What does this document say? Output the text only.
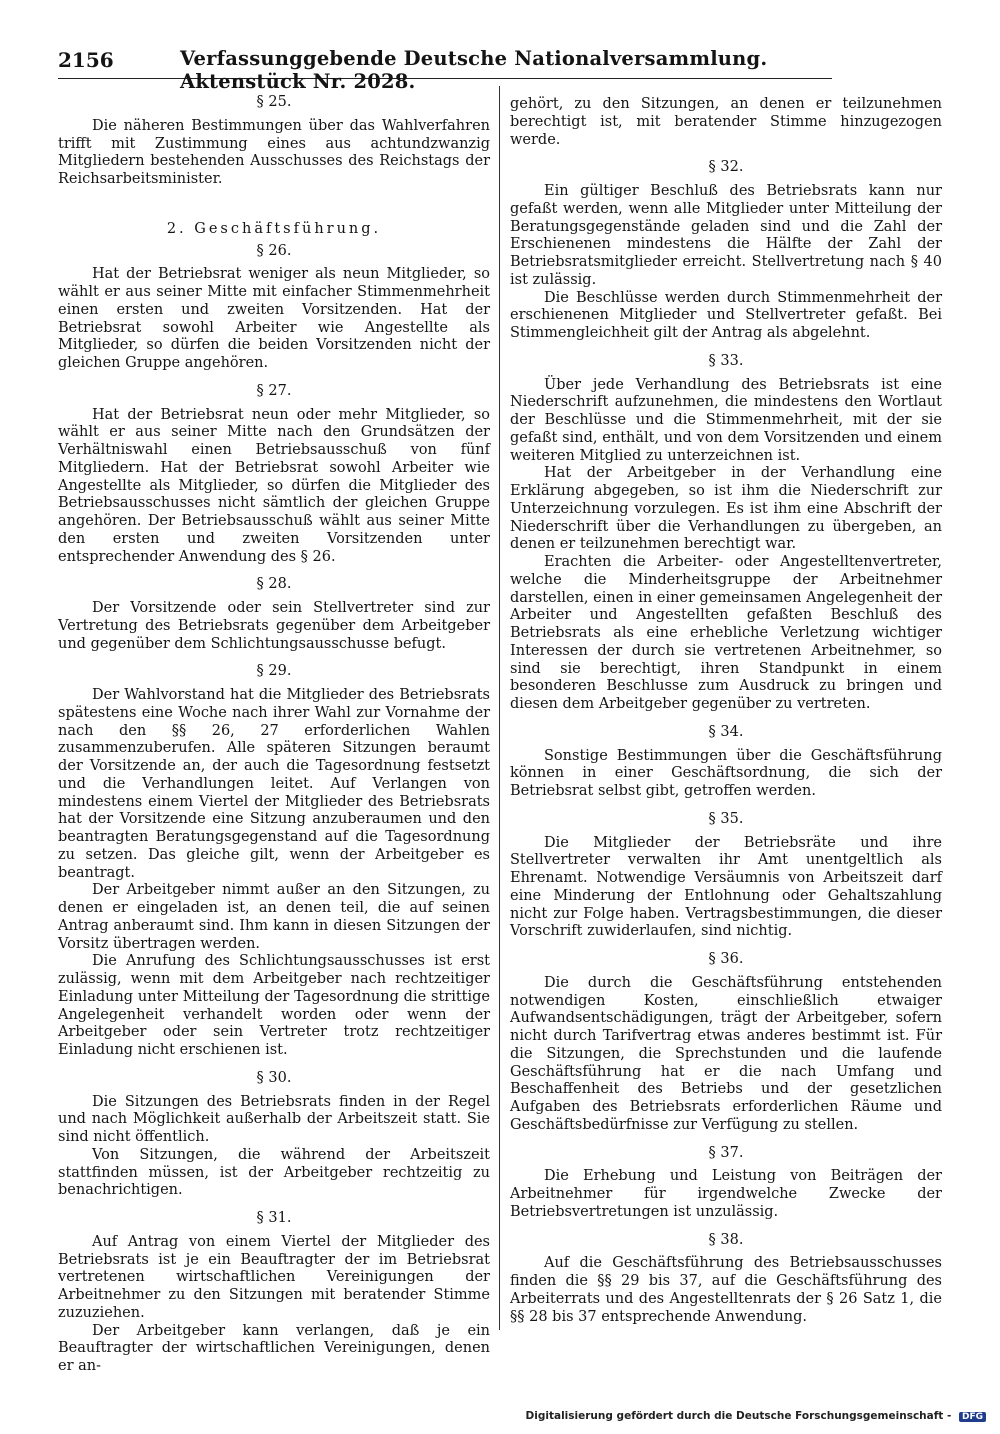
2156	Verfassunggebende Deutsche Nationalversammlung. Aktenstück Nr. 2028.
§ 25.

Die näheren Bestimmungen über das Wahlverfahren trifft mit Zustimmung eines aus achtundzwanzig Mitgliedern bestehenden Ausschusses des Reichstags der Reichsarbeitsminister.

2. Geschäftsführung.
§ 26.

Hat der Betriebsrat weniger als neun Mitglieder, so wählt er aus seiner Mitte mit einfacher Stimmenmehrheit einen ersten und zweiten Vorsitzenden. Hat der Betriebsrat sowohl Arbeiter wie Angestellte als Mitglieder, so dürfen die beiden Vorsitzenden nicht der gleichen Gruppe angehören.

§ 27.

Hat der Betriebsrat neun oder mehr Mitglieder, so wählt er aus seiner Mitte nach den Grundsätzen der Verhältniswahl einen Betriebsausschuß von fünf Mitgliedern. Hat der Betriebsrat sowohl Arbeiter wie Angestellte als Mitglieder, so dürfen die Mitglieder des Betriebsausschusses nicht sämtlich der gleichen Gruppe angehören. Der Betriebsausschuß wählt aus seiner Mitte den ersten und zweiten Vorsitzenden unter entsprechender Anwendung des § 26.

§ 28.

Der Vorsitzende oder sein Stellvertreter sind zur Vertretung des Betriebsrats gegenüber dem Arbeitgeber und gegenüber dem Schlichtungsausschusse befugt.

§ 29.

Der Wahlvorstand hat die Mitglieder des Betriebsrats spätestens eine Woche nach ihrer Wahl zur Vornahme der nach den §§ 26, 27 erforderlichen Wahlen zusammenzuberufen. Alle späteren Sitzungen beraumt der Vorsitzende an, der auch die Tagesordnung festsetzt und die Verhandlungen leitet. Auf Verlangen von mindestens einem Viertel der Mitglieder des Betriebsrats hat der Vorsitzende eine Sitzung anzuberaumen und den beantragten Beratungsgegenstand auf die Tagesordnung zu setzen. Das gleiche gilt, wenn der Arbeitgeber es beantragt.

Der Arbeitgeber nimmt außer an den Sitzungen, zu denen er eingeladen ist, an denen teil, die auf seinen Antrag anberaumt sind. Ihm kann in diesen Sitzungen der Vorsitz übertragen werden.

Die Anrufung des Schlichtungsausschusses ist erst zulässig, wenn mit dem Arbeitgeber nach rechtzeitiger Einladung unter Mitteilung der Tagesordnung die strittige Angelegenheit verhandelt worden oder wenn der Arbeitgeber oder sein Vertreter trotz rechtzeitiger Einladung nicht erschienen ist.

§ 30.

Die Sitzungen des Betriebsrats finden in der Regel und nach Möglichkeit außerhalb der Arbeitszeit statt. Sie sind nicht öffentlich.

Von Sitzungen, die während der Arbeitszeit stattfinden müssen, ist der Arbeitgeber rechtzeitig zu benachrichtigen.

§ 31.

Auf Antrag von einem Viertel der Mitglieder des Betriebsrats ist je ein Beauftragter der im Betriebsrat vertretenen wirtschaftlichen Vereinigungen der Arbeitnehmer zu den Sitzungen mit beratender Stimme zuzuziehen.

Der Arbeitgeber kann verlangen, daß je ein Beauftragter der wirtschaftlichen Vereinigungen, denen er an-

gehört, zu den Sitzungen, an denen er teilzunehmen berechtigt ist, mit beratender Stimme hinzugezogen werde.

§ 32.

Ein gültiger Beschluß des Betriebsrats kann nur gefaßt werden, wenn alle Mitglieder unter Mitteilung der Beratungsgegenstände geladen sind und die Zahl der Erschienenen mindestens die Hälfte der Zahl der Betriebsratsmitglieder erreicht. Stellvertretung nach § 40 ist zulässig.

Die Beschlüsse werden durch Stimmenmehrheit der erschienenen Mitglieder und Stellvertreter gefaßt. Bei Stimmengleichheit gilt der Antrag als abgelehnt.

§ 33.

Über jede Verhandlung des Betriebsrats ist eine Niederschrift aufzunehmen, die mindestens den Wortlaut der Beschlüsse und die Stimmenmehrheit, mit der sie gefaßt sind, enthält, und von dem Vorsitzenden und einem weiteren Mitglied zu unterzeichnen ist.

Hat der Arbeitgeber in der Verhandlung eine Erklärung abgegeben, so ist ihm die Niederschrift zur Unterzeichnung vorzulegen. Es ist ihm eine Abschrift der Niederschrift über die Verhandlungen zu übergeben, an denen er teilzunehmen berechtigt war.

Erachten die Arbeiter- oder Angestelltenvertreter, welche die Minderheitsgruppe der Arbeitnehmer darstellen, einen in einer gemeinsamen Angelegenheit der Arbeiter und Angestellten gefaßten Beschluß des Betriebsrats als eine erhebliche Verletzung wichtiger Interessen der durch sie vertretenen Arbeitnehmer, so sind sie berechtigt, ihren Standpunkt in einem besonderen Beschlusse zum Ausdruck zu bringen und diesen dem Arbeitgeber gegenüber zu vertreten.

§ 34.

Sonstige Bestimmungen über die Geschäftsführung können in einer Geschäftsordnung, die sich der Betriebsrat selbst gibt, getroffen werden.

§ 35.

Die Mitglieder der Betriebsräte und ihre Stellvertreter verwalten ihr Amt unentgeltlich als Ehrenamt. Notwendige Versäumnis von Arbeitszeit darf eine Minderung der Entlohnung oder Gehaltszahlung nicht zur Folge haben. Vertragsbestimmungen, die dieser Vorschrift zuwiderlaufen, sind nichtig.

§ 36.

Die durch die Geschäftsführung entstehenden notwendigen Kosten, einschließlich etwaiger Aufwandsentschädigungen, trägt der Arbeitgeber, sofern nicht durch Tarifvertrag etwas anderes bestimmt ist. Für die Sitzungen, die Sprechstunden und die laufende Geschäftsführung hat er die nach Umfang und Beschaffenheit des Betriebs und der gesetzlichen Aufgaben des Betriebsrats erforderlichen Räume und Geschäftsbedürfnisse zur Verfügung zu stellen.

§ 37.

Die Erhebung und Leistung von Beiträgen der Arbeitnehmer für irgendwelche Zwecke der Betriebsvertretungen ist unzulässig.

§ 38.

Auf die Geschäftsführung des Betriebsausschusses finden die §§ 29 bis 37, auf die Geschäftsführung des Arbeiterrats und des Angestelltenrats der § 26 Satz 1, die §§ 28 bis 37 entsprechende Anwendung.

Digitalisierung gefördert durch die Deutsche Forschungsgemeinschaft - DFG
